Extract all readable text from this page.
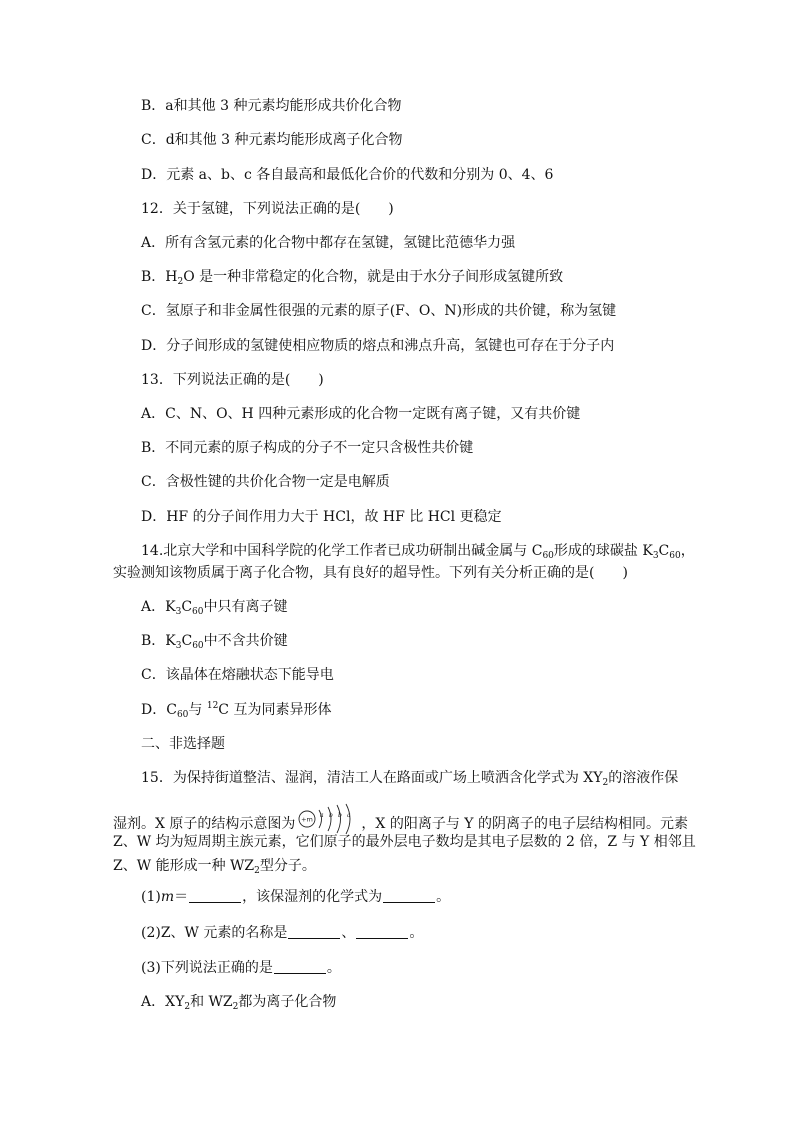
B．a和其他 3 种元素均能形成共价化合物
C．d和其他 3 种元素均能形成离子化合物
D．元素 a、b、c 各自最高和最低化合价的代数和分别为 0、4、6
12．关于氢键，下列说法正确的是(　　)
A．所有含氢元素的化合物中都存在氢键，氢键比范德华力强
B．$H_2O$ 是一种非常稳定的化合物，就是由于水分子间形成氢键所致
C．氢原子和非金属性很强的元素的原子(F、O、N)形成的共价键，称为氢键
D．分子间形成的氢键使相应物质的熔点和沸点升高，氢键也可存在于分子内
13．下列说法正确的是(　　)
A．C、N、O、H 四种元素形成的化合物一定既有离子键，又有共价键
B．不同元素的原子构成的分子不一定只含极性共价键
C．含极性键的共价化合物一定是电解质
D．HF 的分子间作用力大于 HCl，故 HF 比 HCl 更稳定
14.北京大学和中国科学院的化学工作者已成功研制出碱金属与 $C_{60}$形成的球碳盐 $K_3C_{60}$，
实验测知该物质属于离子化合物，具有良好的超导性。下列有关分析正确的是(　　)
A．$K_3C_{60}$中只有离子键
B．$K_3C_{60}$中不含共价键
C．该晶体在熔融状态下能导电
D．$C_{60}$与 $^{12}$C 互为同素异形体
二、非选择题
15．为保持街道整洁、湿润，清洁工人在路面或广场上喷洒含化学式为 $XY_2$的溶液作保
湿剂。X 原子的结构示意图为 +m a b b a
，X 的阳离子与 Y 的阴离子的电子层结构相同。元素
Z、W 均为短周期主族元素，它们原子的最外层电子数均是其电子层数的 2 倍，Z 与 Y 相邻且
Z、W 能形成一种 $WZ_2$型分子。
(1)m＝	，该保湿剂的化学式为	。
(2)Z、W 元素的名称是	、	。
(3)下列说法正确的是	。
A．$XY_2$和 $WZ_2$都为离子化合物
